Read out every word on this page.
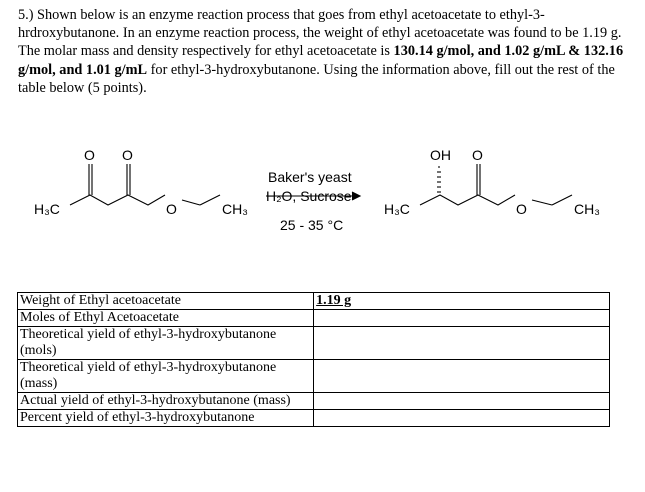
5.) Shown below is an enzyme reaction process that goes from ethyl acetoacetate to ethyl-3-hrdroxybutanone. In an enzyme reaction process, the weight of ethyl acetoacetate was found to be 1.19 g. The molar mass and density respectively for ethyl acetoacetate is 130.14 g/mol, and 1.02 g/mL & 132.16 g/mol, and 1.01 g/mL for ethyl-3-hydroxybutanone. Using the information above, fill out the rest of the table below (5 points).
H₃C
O O
O	CH₃
Baker's yeast
H₂O, Sucrose
25 - 35 °C
H₃C
OH O
O	CH₃
Weight of Ethyl acetoacetate	1.19 g
Moles of Ethyl Acetoacetate	
Theoretical yield of ethyl-3-hydroxybutanone (mols)	
Theoretical yield of ethyl-3-hydroxybutanone (mass)	
Actual yield of ethyl-3-hydroxybutanone (mass)	
Percent yield of ethyl-3-hydroxybutanone	
